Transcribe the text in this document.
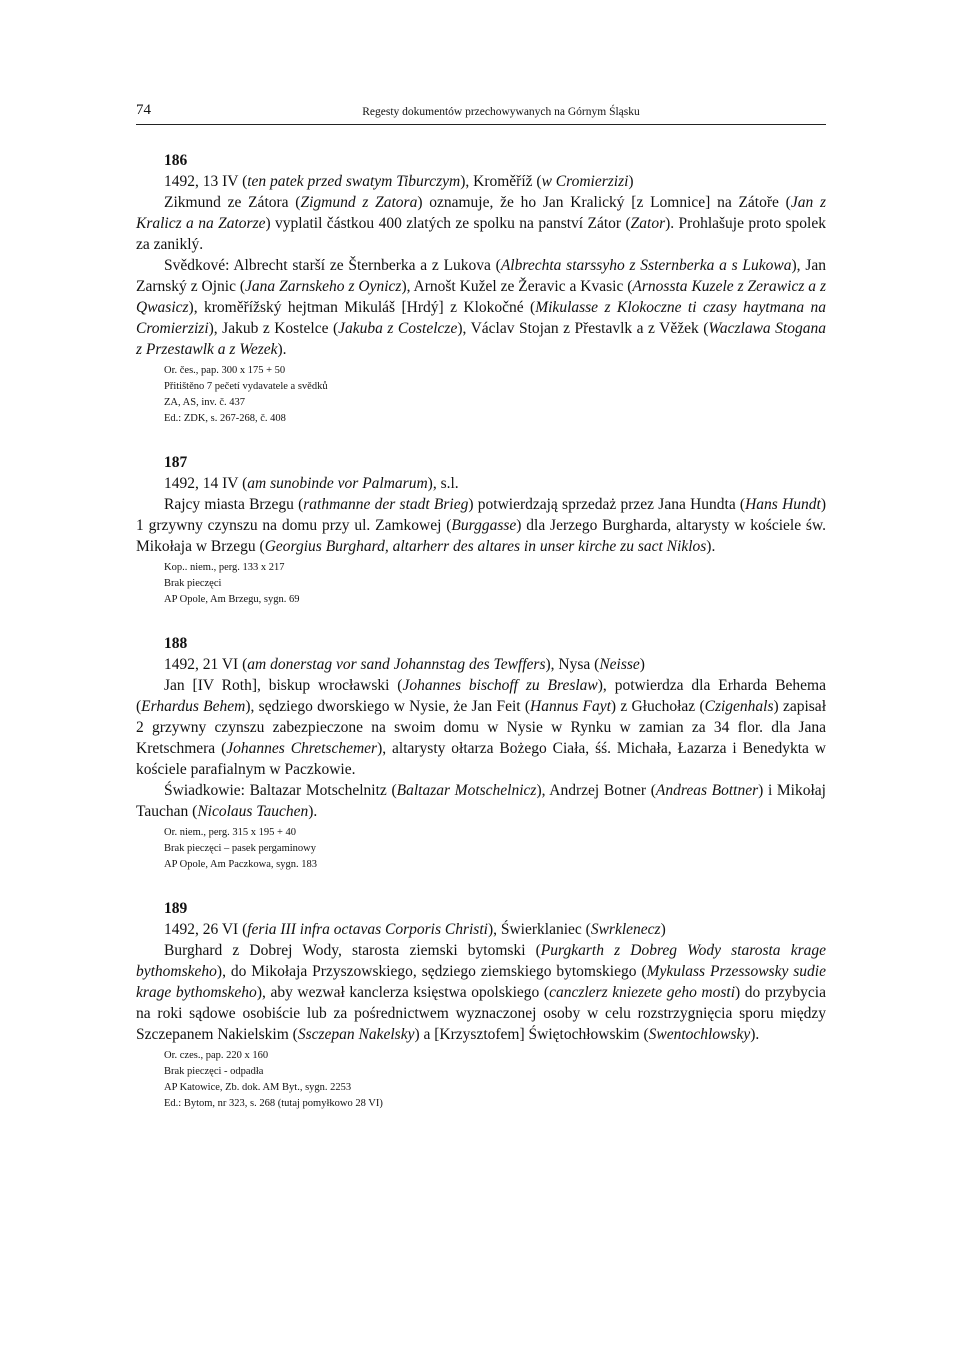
74	Regesty dokumentów przechowywanych na Górnym Śląsku
186
1492, 13 IV (ten patek przed swatym Tiburczym), Kroměříž (w Cromierzizi)

Zikmund ze Zátora (Zigmund z Zatora) oznamuje, že ho Jan Kralický [z Lomnice] na Zátoře (Jan z Kralicz a na Zatorze) vyplatil částkou 400 zlatých ze spolku na panství Zátor (Zator). Prohlašuje proto spolek za zaniklý.

Svědkové: Albrecht starší ze Šternberka a z Lukova (Albrechta starssyho z Ssternberka a s Lukowa), Jan Zarnský z Ojnic (Jana Zarnskeho z Oynicz), Arnošt Kužel ze Žeravic a Kvasic (Arnossta Kuzele z Zerawicz a z Qwasicz), kroměřížský hejtman Mikuláš [Hrdý] z Klokočné (Mikulasse z Klokoczne ti czasy haytmana na Cromierzizi), Jakub z Kostelce (Jakuba z Costelcze), Václav Stojan z Přestavlk a z Věžek (Waczlawa Stogana z Przestawlk a z Wezek).

Or. čes., pap. 300 x 175 + 50
Přitištěno 7 pečetí vydavatele a svědků
ZA, AS, inv. č. 437
Ed.: ZDK, s. 267-268, č. 408
187
1492, 14 IV (am sunobinde vor Palmarum), s.l.

Rajcy miasta Brzegu (rathmanne der stadt Brieg) potwierdzają sprzedaż przez Jana Hundta (Hans Hundt) 1 grzywny czynszu na domu przy ul. Zamkowej (Burggasse) dla Jerzego Burgharda, altarysty w kościele św. Mikołaja w Brzegu (Georgius Burghard, altarherr des altares in unser kirche zu sact Niklos).

Kop.. niem., perg. 133 x 217
Brak pieczęci
AP Opole, Am Brzegu, sygn. 69
188
1492, 21 VI (am donerstag vor sand Johannstag des Tewffers), Nysa (Neisse)

Jan [IV Roth], biskup wrocławski (Johannes bischoff zu Breslaw), potwierdza dla Erharda Behema (Erhardus Behem), sędziego dworskiego w Nysie, że Jan Feit (Hannus Fayt) z Głuchołaz (Czigenhals) zapisał 2 grzywny czynszu zabezpieczone na swoim domu w Nysie w Rynku w zamian za 34 flor. dla Jana Kretschmera (Johannes Chretschemer), altarysty ołtarza Bożego Ciała, śś. Michała, Łazarza i Benedykta w kościele parafialnym w Paczkowie.

Świadkowie: Baltazar Motschelnitz (Baltazar Motschelnicz), Andrzej Botner (Andreas Bottner) i Mikołaj Tauchan (Nicolaus Tauchen).

Or. niem., perg. 315 x 195 + 40
Brak pieczęci – pasek pergaminowy
AP Opole, Am Paczkowa, sygn. 183
189
1492, 26 VI (feria III infra octavas Corporis Christi), Świerklaniec (Swrklenecz)

Burghard z Dobrej Wody, starosta ziemski bytomski (Purgkarth z Dobreg Wody starosta krage bythomskeho), do Mikołaja Przyszowskiego, sędziego ziemskiego bytomskiego (Mykulass Przessowsky sudie krage bythomskeho), aby wezwał kanclerza księstwa opolskiego (canczlerz kniezete geho mosti) do przybycia na roki sądowe osobiście lub za pośrednictwem wyznaczonej osoby w celu rozstrzygnięcia sporu między Szczepanem Nakielskim (Ssczepan Nakelsky) a [Krzysztofem] Świętochłowskim (Swentochlowsky).

Or. czes., pap. 220 x 160
Brak pieczęci - odpadła
AP Katowice, Zb. dok. AM Byt., sygn. 2253
Ed.: Bytom, nr 323, s. 268 (tutaj pomyłkowo 28 VI)
